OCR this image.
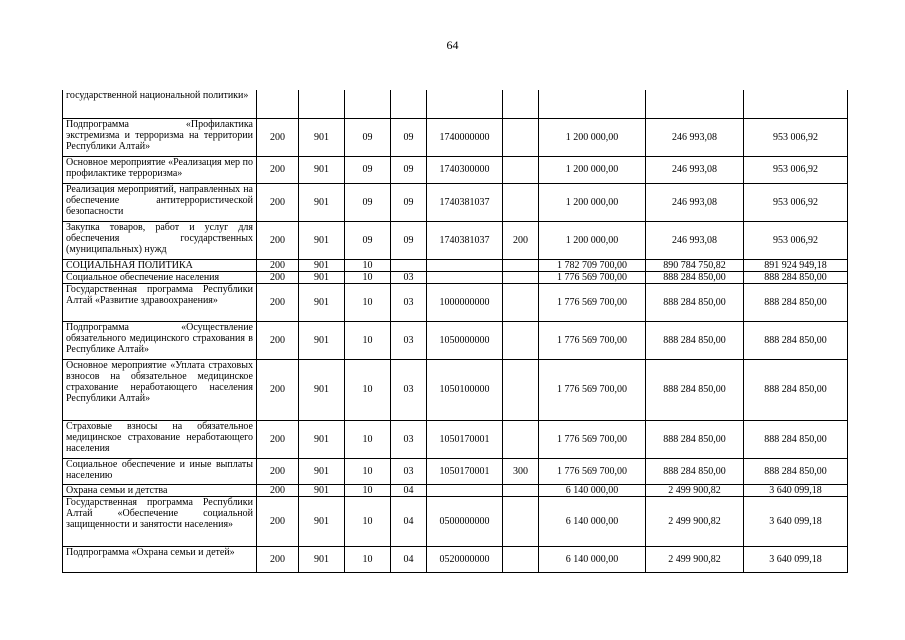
64
государственной национальной политики»									
Подпрограмма «Профилактика экстремизма и терроризма на территории Республики Алтай»	200	901	09	09	1740000000		1 200 000,00	246 993,08	953 006,92
Основное мероприятие «Реализация мер по профилактике терроризма»	200	901	09	09	1740300000		1 200 000,00	246 993,08	953 006,92
Реализация мероприятий, направленных на обеспечение антитеррористической безопасности	200	901	09	09	1740381037		1 200 000,00	246 993,08	953 006,92
Закупка товаров, работ и услуг для обеспечения государственных (муниципальных) нужд	200	901	09	09	1740381037	200	1 200 000,00	246 993,08	953 006,92
СОЦИАЛЬНАЯ ПОЛИТИКА	200	901	10				1 782 709 700,00	890 784 750,82	891 924 949,18
Социальное обеспечение населения	200	901	10	03			1 776 569 700,00	888 284 850,00	888 284 850,00
Государственная программа Республики Алтай «Развитие здравоохранения»	200	901	10	03	1000000000		1 776 569 700,00	888 284 850,00	888 284 850,00
Подпрограмма «Осуществление обязательного медицинского страхования в Республике Алтай»	200	901	10	03	1050000000		1 776 569 700,00	888 284 850,00	888 284 850,00
Основное мероприятие «Уплата страховых взносов на обязательное медицинское страхование неработающего населения Республики Алтай»	200	901	10	03	1050100000		1 776 569 700,00	888 284 850,00	888 284 850,00
Страховые взносы на обязательное медицинское страхование неработающего населения	200	901	10	03	1050170001		1 776 569 700,00	888 284 850,00	888 284 850,00
Социальное обеспечение и иные выплаты населению	200	901	10	03	1050170001	300	1 776 569 700,00	888 284 850,00	888 284 850,00
Охрана семьи и детства	200	901	10	04			6 140 000,00	2 499 900,82	3 640 099,18
Государственная программа Республики Алтай «Обеспечение социальной защищенности и занятости населения»	200	901	10	04	0500000000		6 140 000,00	2 499 900,82	3 640 099,18
Подпрограмма «Охрана семьи и детей»	200	901	10	04	0520000000		6 140 000,00	2 499 900,82	3 640 099,18
